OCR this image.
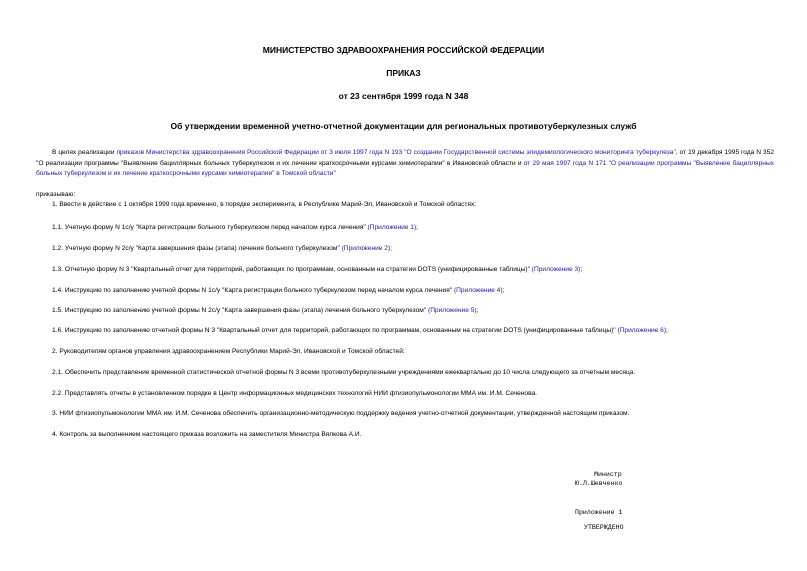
МИНИСТЕРСТВО ЗДРАВООХРАНЕНИЯ РОССИЙСКОЙ ФЕДЕРАЦИИ
ПРИКАЗ
от 23 сентября 1999 года N 348
Об утверждении временной учетно-отчетной документации для региональных противотуберкулезных служб
В целях реализации приказов Министерства здравоохранения Российской Федерации от 3 июля 1997 года N 193 "О создании Государственной системы эпидемиологического мониторинга туберкулеза", от 19 декабря 1995 года N 352 "О реализации программы "Выявление бациллярных больных туберкулезом и их лечение краткосрочными курсами химиотерапии" в Ивановской области и от 29 мая 1997 года N 171 "О реализации программы "Выявление бациллярных больных туберкулезом и их лечение краткосрочными курсами химиотерапии" в Томской области"
приказываю:
1. Ввести в действие с 1 октября 1999 года временно, в порядке эксперимента, в Республике Марий-Эл, Ивановской и Томской областях:
1.1. Учетную форму N 1с/у "Карта регистрации больного туберкулезом перед началом курса лечения" (Приложение 1);
1.2. Учетную форму N 2с/у "Карта завершения фазы (этапа) лечения больного туберкулезом" (Приложение 2);
1.3. Отчетную форму N 3 "Квартальный отчет для территорий, работающих по программам, основанным на стратегии DOTS (унифицированные таблицы)" (Приложение 3);
1.4. Инструкцию по заполнению учетной формы N 1с/у "Карта регистрации больного туберкулезом перед началом курса лечения" (Приложение 4);
1.5. Инструкцию по заполнению учетной формы N 2с/у "Карта завершения фазы (этапа) лечения больного туберкулезом" (Приложение 5);
1.6. Инструкцию по заполнению отчетной формы N 3 "Квартальный отчет для территорий, работающих по программам, основанным на стратегии DOTS (унифицированные таблицы)" (Приложение 6);
2. Руководителям органов управления здравоохранением Республики Марий-Эл, Ивановской и Томской областей:
2.1. Обеспечить представление временной статистической отчетной формы N 3 всеми противотуберкулезными учреждениями ежеквартально до 10 числа следующего за отчетным месяца.
2.2. Представлять отчеты в установленном порядке в Центр информационных медицинских технологий НИИ фтизиопульмонологии ММА им. И.М. Сеченова.
3. НИИ фтизиопульмонологии ММА им. И.М. Сеченова обеспечить организационно-методическую поддержку ведения учетно-отчетной документации, утвержденной настоящим приказом.
4. Контроль за выполнением настоящего приказа возложить на заместителя Министра Вялкова А.И.
Министр
Ю.Л.Шевченко
Приложение 1
УТВЕРЖДЕНО
